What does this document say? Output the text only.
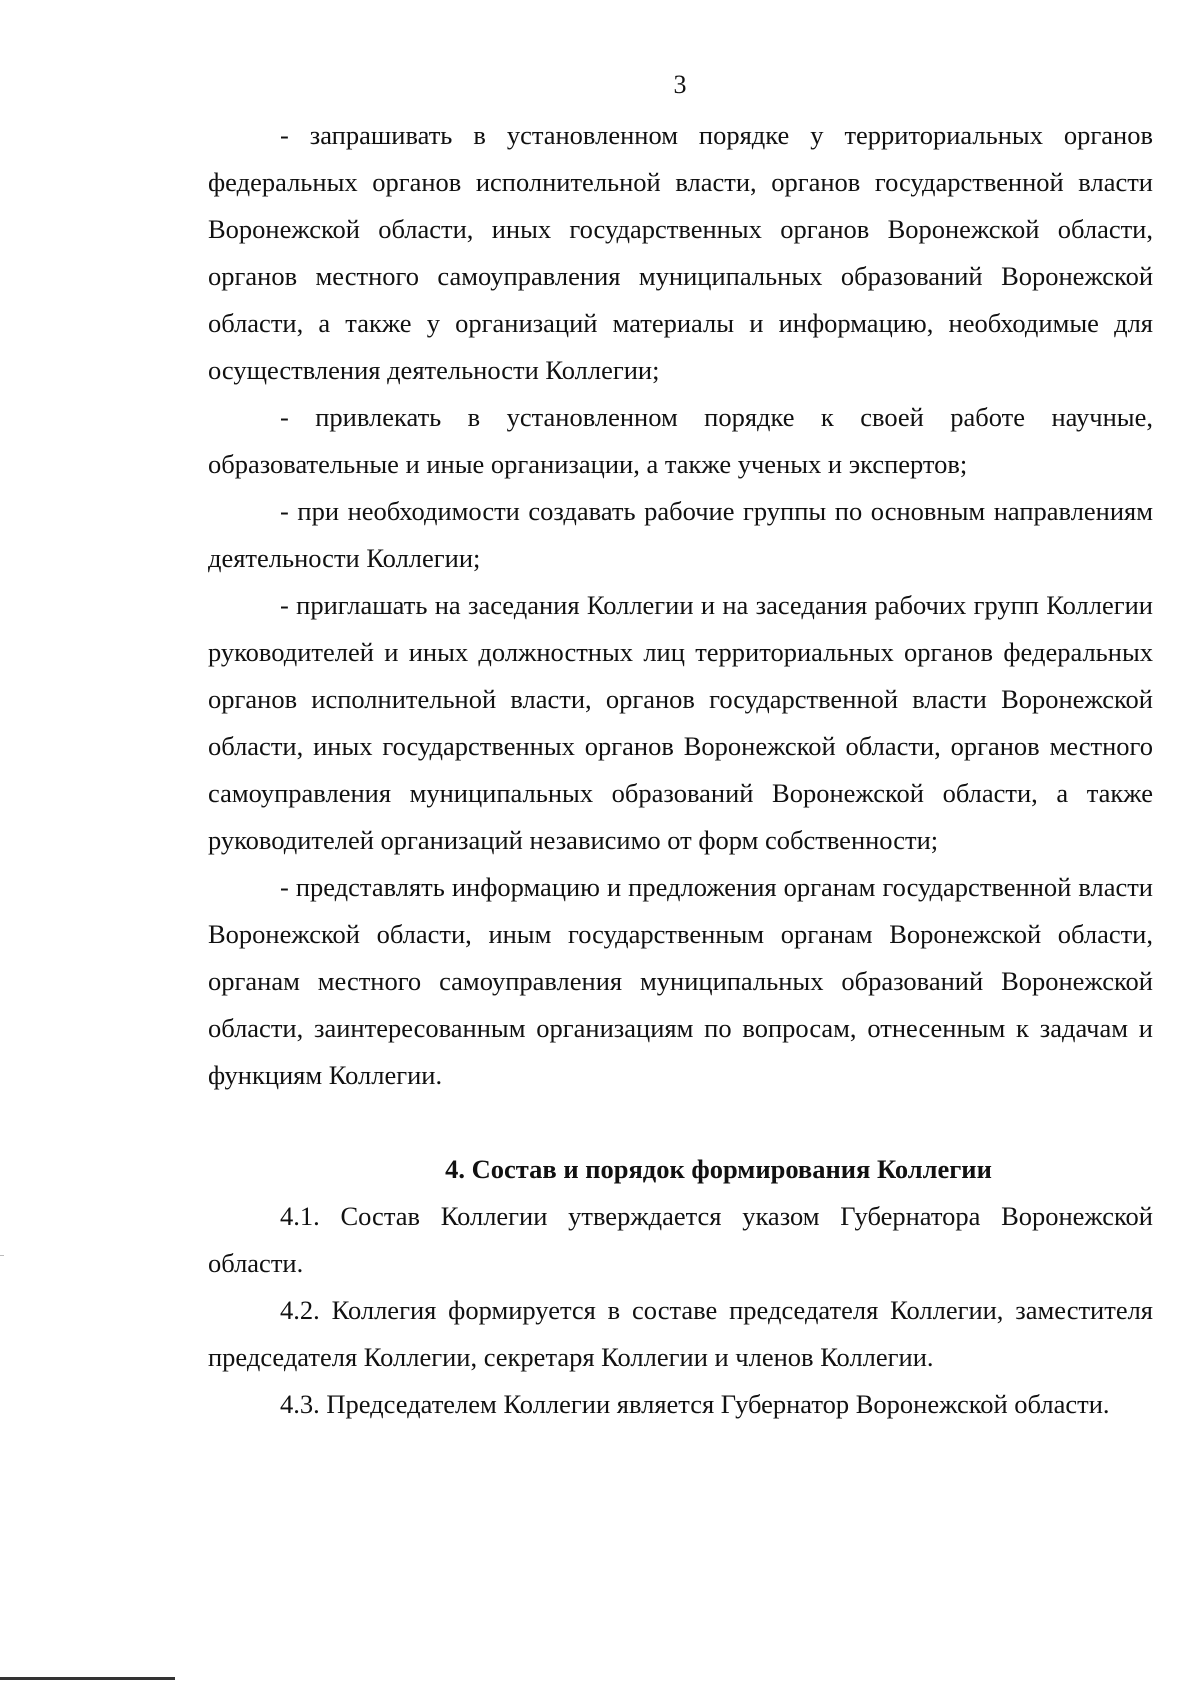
3

- запрашивать в установленном порядке у территориальных органов федеральных органов исполнительной власти, органов государственной власти Воронежской области, иных государственных органов Воронежской области, органов местного самоуправления муниципальных образований Воронежской области, а также у организаций материалы и информацию, необходимые для осуществления деятельности Коллегии;

- привлекать в установленном порядке к своей работе научные, образовательные и иные организации, а также ученых и экспертов;

- при необходимости создавать рабочие группы по основным направлениям деятельности Коллегии;

- приглашать на заседания Коллегии и на заседания рабочих групп Коллегии руководителей и иных должностных лиц территориальных органов федеральных органов исполнительной власти, органов государственной власти Воронежской области, иных государственных органов Воронежской области, органов местного самоуправления муниципальных образований Воронежской области, а также руководителей организаций независимо от форм собственности;

- представлять информацию и предложения органам государственной власти Воронежской области, иным государственным органам Воронежской области, органам местного самоуправления муниципальных образований Воронежской области, заинтересованным организациям по вопросам, отнесенным к задачам и функциям Коллегии.

4. Состав и порядок формирования Коллегии

4.1. Состав Коллегии утверждается указом Губернатора Воронежской области.

4.2. Коллегия формируется в составе председателя Коллегии, заместителя председателя Коллегии, секретаря Коллегии и членов Коллегии.

4.3. Председателем Коллегии является Губернатор Воронежской области.
